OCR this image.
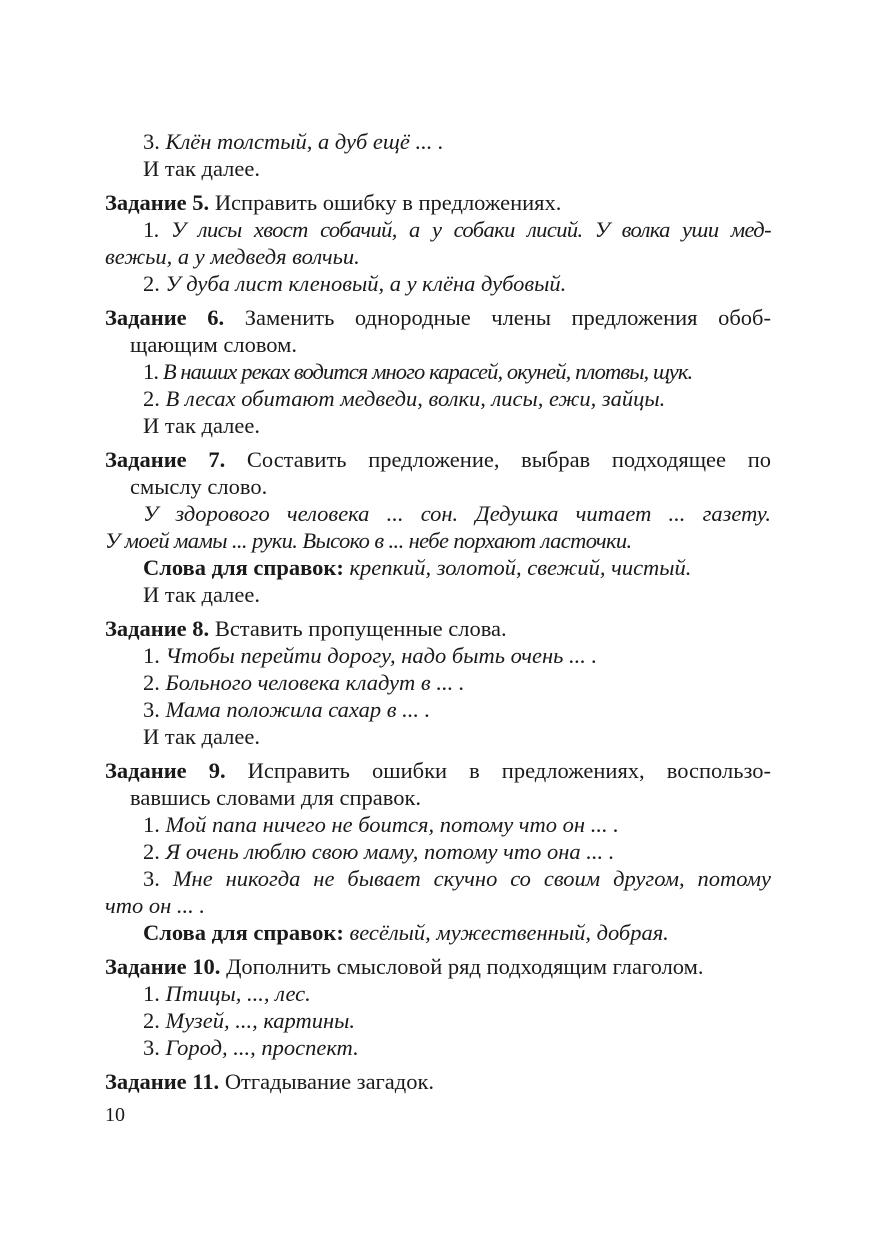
3. Клён толстый, а дуб ещё ... .
И так далее.
Задание 5. Исправить ошибку в предложениях.
1. У лисы хвост собачий, а у собаки лисий. У волка уши мед-
вежьи, а у медведя волчьи.
2. У дуба лист кленовый, а у клёна дубовый.
Задание 6. Заменить однородные члены предложения обоб-
щающим словом.
1. В наших реках водится много карасей, окуней, плотвы, щук.
2. В лесах обитают медведи, волки, лисы, ежи, зайцы.
И так далее.
Задание 7. Составить предложение, выбрав подходящее по
смыслу слово.
У здорового человека ... сон. Дедушка читает ... газету.
У моей мамы ... руки. Высоко в ... небе порхают ласточки.
Слова для справок: крепкий, золотой, свежий, чистый.
И так далее.
Задание 8. Вставить пропущенные слова.
1. Чтобы перейти дорогу, надо быть очень ... .
2. Больного человека кладут в ... .
3. Мама положила сахар в ... .
И так далее.
Задание 9. Исправить ошибки в предложениях, воспользо-
вавшись словами для справок.
1. Мой папа ничего не боится, потому что он ... .
2. Я очень люблю свою маму, потому что она ... .
3. Мне никогда не бывает скучно со своим другом, потому
что он ... .
Слова для справок: весёлый, мужественный, добрая.
Задание 10. Дополнить смысловой ряд подходящим глаголом.
1. Птицы, ..., лес.
2. Музей, ..., картины.
3. Город, ..., проспект.
Задание 11. Отгадывание загадок.
10
